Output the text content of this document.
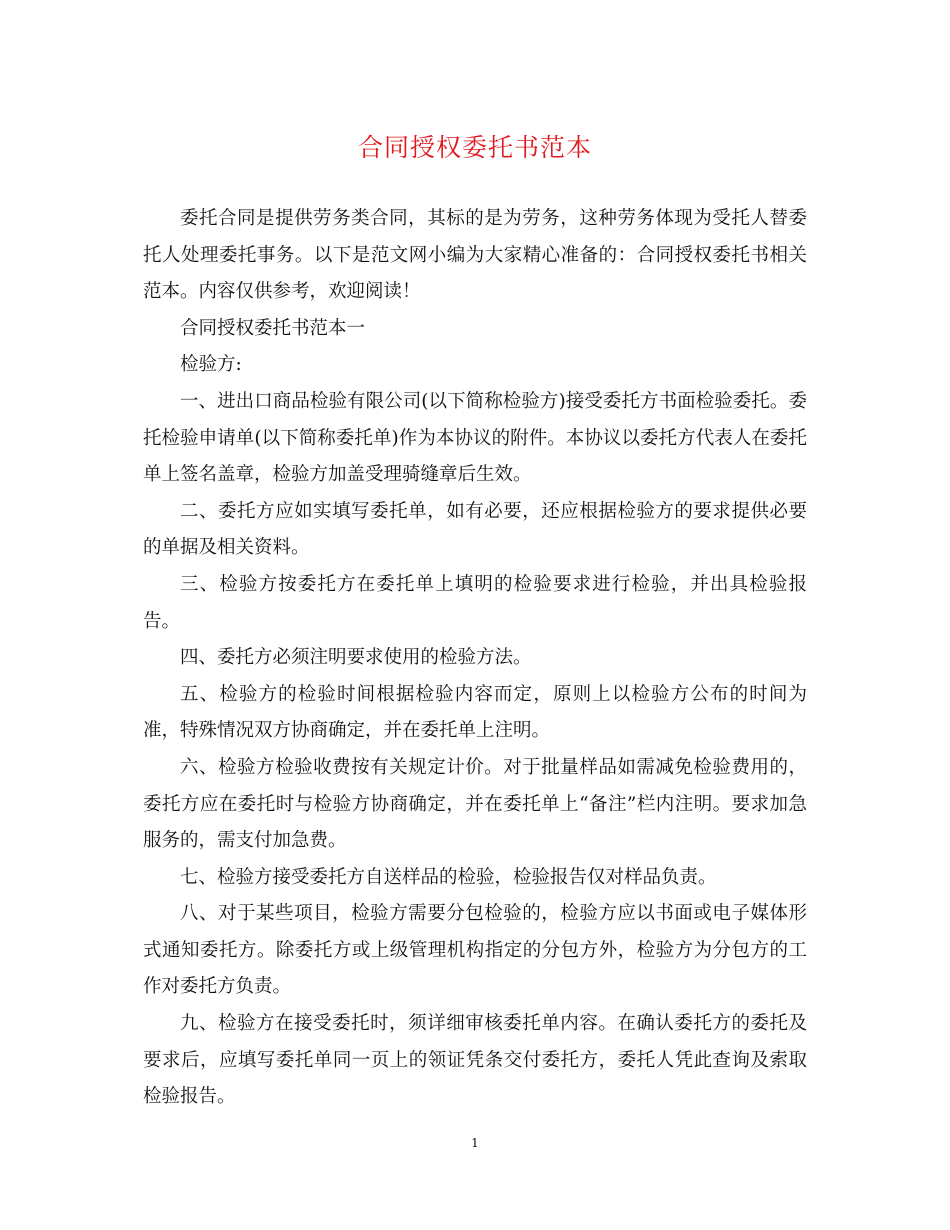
合同授权委托书范本

委托合同是提供劳务类合同，其标的是为劳务，这种劳务体现为受托人替委托人处理委托事务。以下是范文网小编为大家精心准备的：合同授权委托书相关范本。内容仅供参考，欢迎阅读！

合同授权委托书范本一

检验方:

一、进出口商品检验有限公司(以下简称检验方)接受委托方书面检验委托。委托检验申请单(以下简称委托单)作为本协议的附件。本协议以委托方代表人在委托单上签名盖章，检验方加盖受理骑缝章后生效。

二、委托方应如实填写委托单，如有必要，还应根据检验方的要求提供必要的单据及相关资料。

三、检验方按委托方在委托单上填明的检验要求进行检验，并出具检验报告。

四、委托方必须注明要求使用的检验方法。

五、检验方的检验时间根据检验内容而定，原则上以检验方公布的时间为准，特殊情况双方协商确定，并在委托单上注明。

六、检验方检验收费按有关规定计价。对于批量样品如需减免检验费用的，委托方应在委托时与检验方协商确定，并在委托单上“备注”栏内注明。要求加急服务的，需支付加急费。

七、检验方接受委托方自送样品的检验，检验报告仅对样品负责。

八、对于某些项目，检验方需要分包检验的，检验方应以书面或电子媒体形式通知委托方。除委托方或上级管理机构指定的分包方外，检验方为分包方的工作对委托方负责。

九、检验方在接受委托时，须详细审核委托单内容。在确认委托方的委托及要求后，应填写委托单同一页上的领证凭条交付委托方，委托人凭此查询及索取检验报告。

1
